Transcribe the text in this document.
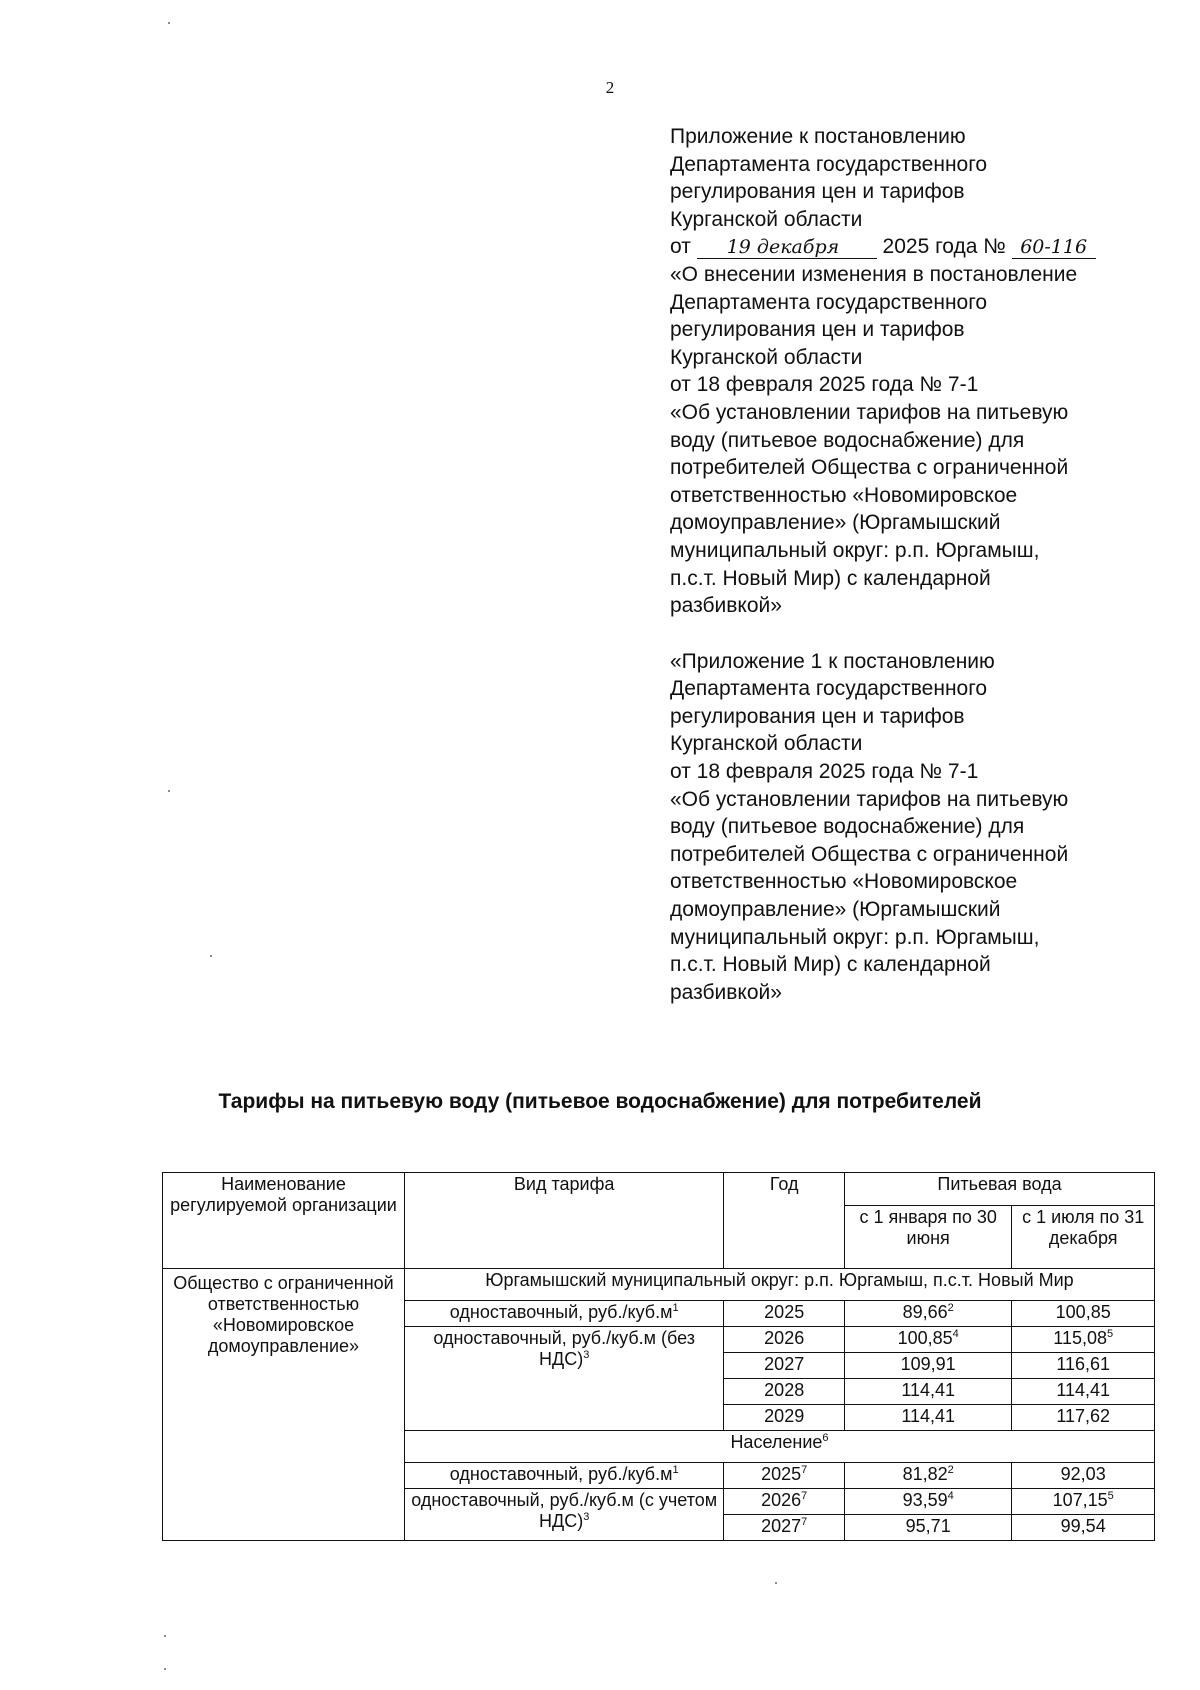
2

Приложение к постановлению

Департамента государственного

регулирования цен и тарифов

Курганской области

от 19 декабря 2025 года № 60-116

«О внесении изменения в постановление

Департамента государственного

регулирования цен и тарифов

Курганской области

от 18 февраля 2025 года № 7-1

«Об установлении тарифов на питьевую

воду (питьевое водоснабжение) для

потребителей Общества с ограниченной

ответственностью «Новомировское

домоуправление» (Юргамышский

муниципальный округ: р.п. Юргамыш,

п.с.т. Новый Мир) с календарной

разбивкой»

«Приложение 1 к постановлению

Департамента государственного

регулирования цен и тарифов

Курганской области

от 18 февраля 2025 года № 7-1

«Об установлении тарифов на питьевую

воду (питьевое водоснабжение) для

потребителей Общества с ограниченной

ответственностью «Новомировское

домоуправление» (Юргамышский

муниципальный округ: р.п. Юргамыш,

п.с.т. Новый Мир) с календарной

разбивкой»

Тарифы на питьевую воду (питьевое водоснабжение) для потребителей
Наименование регулируемой организации	Вид тарифа	Год	Питьевая вода	
			с 1 января по 30 июня	с 1 июля по 31 декабря
Общество с ограниченной ответственностью «Новомировское домоуправление»	Юргамышский муниципальный округ: р.п. Юргамыш, п.с.т. Новый Мир			
	одноставочный, $руб./куб.м^1$	2025	89,66$^2$	100,85
	одноставочный, руб./куб.м (без НДС)$^3$	2026	100,85$^4$	115,08$^5$
		2027	109,91	116,61
		2028	114,41	114,41
		2029	114,41	117,62
	Население$^6$
	одноставочный, $руб./куб.м^1$	2025$^7$	81,82$^2$	92,03
	одноставочный, руб./куб.м (с учетом НДС)$^3$	2026$^7$	93,59$^4$	107,15$^5$
		2027$^7$	95,71	99,54
